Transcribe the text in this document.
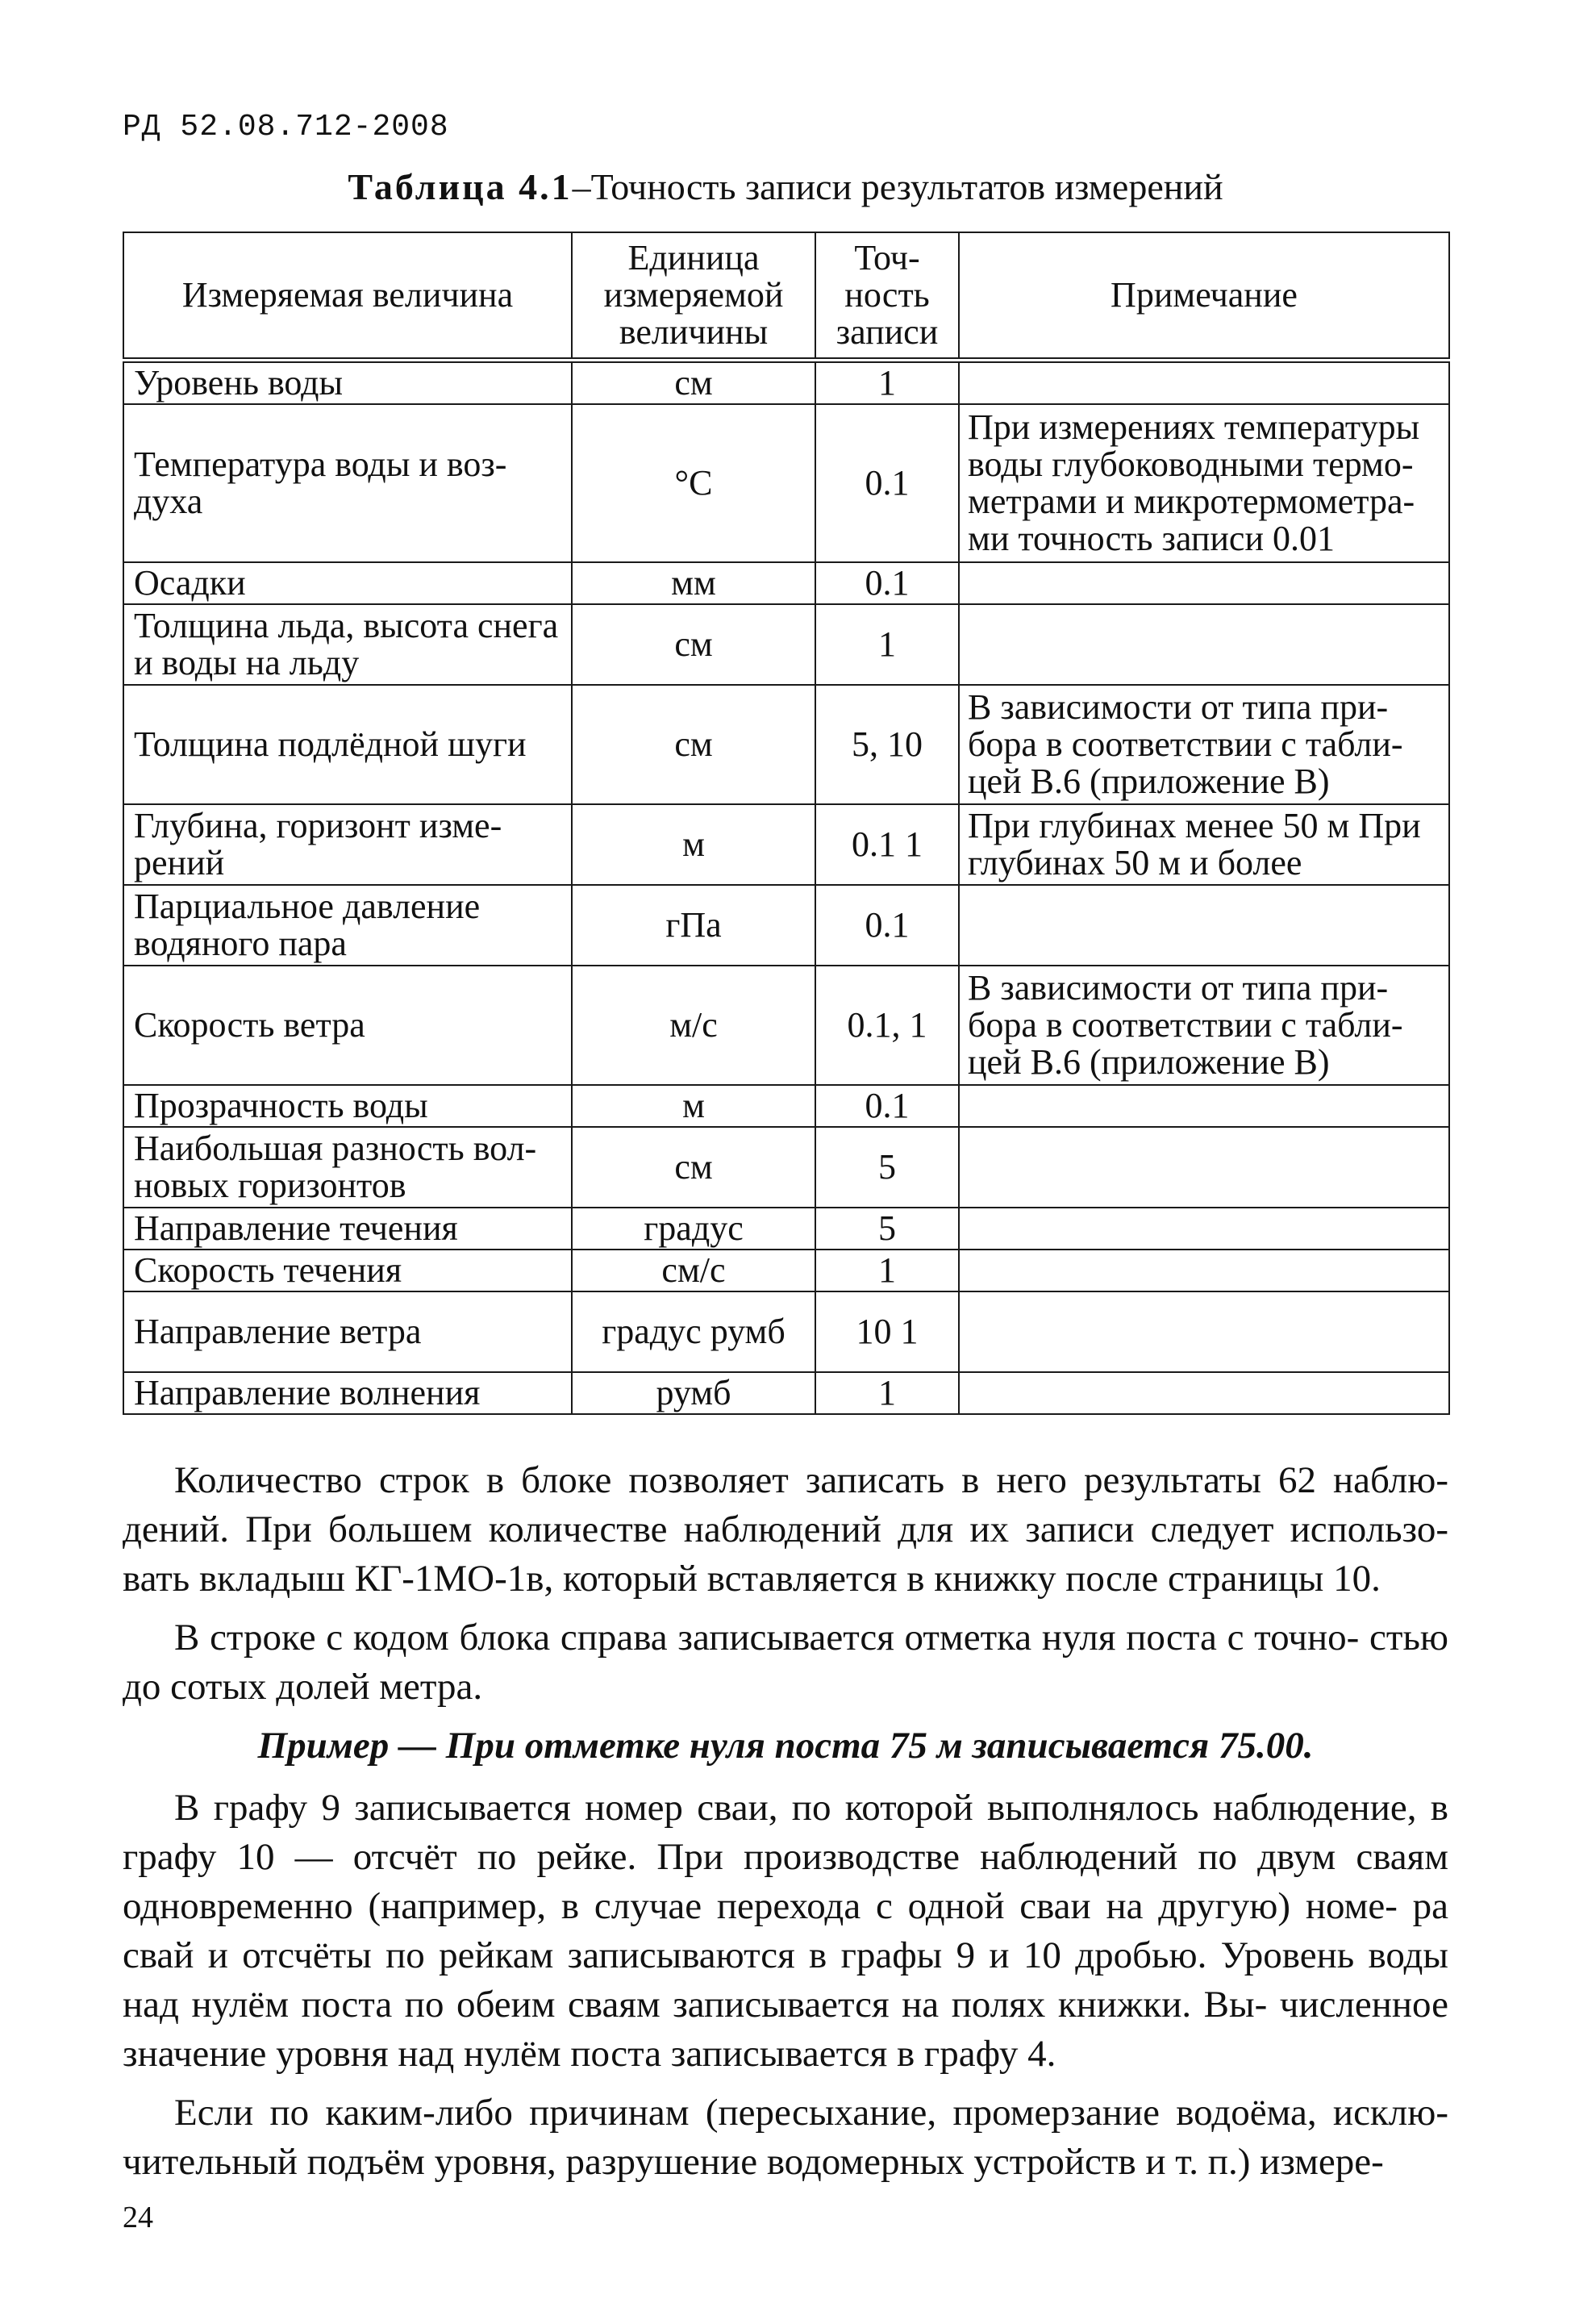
РД 52.08.712-2008
Таблица 4.1–Точность записи результатов измерений
Измеряемая величина	Единица измеряемой величины	Точ- ность записи	Примечание
Уровень воды	см	1	
Температура воды и воз- духа	°С	0.1	При измерениях температуры воды глубоководными термо- метрами и микротермометра- ми точность записи 0.01
Осадки	мм	0.1	
Толщина льда, высота снега и воды на льду	см	1	
Толщина подлёдной шуги	см	5, 10	В зависимости от типа при- бора в соответствии с табли- цей В.6 (приложение В)
Глубина, горизонт изме- рений	м	0.1 1	При глубинах менее 50 м При глубинах 50 м и более
Парциальное давление водяного пара	гПа	0.1	
Скорость ветра	м/с	0.1, 1	В зависимости от типа при- бора в соответствии с табли- цей В.6 (приложение В)
Прозрачность воды	м	0.1	
Наибольшая разность вол- новых горизонтов	см	5	
Направление течения	градус	5	
Скорость течения	см/с	1	
Направление ветра	градус румб	10 1	
Направление волнения	румб	1	

Количество строк в блоке позволяет записать в него результаты 62 наблю- дений. При большем количестве наблюдений для их записи следует использо- вать вкладыш КГ-1МО-1в, который вставляется в книжку после страницы 10.

В строке с кодом блока справа записывается отметка нуля поста с точно- стью до сотых долей метра.

Пример — При отметке нуля поста 75 м записывается 75.00.

В графу 9 записывается номер сваи, по которой выполнялось наблюдение, в графу 10 — отсчёт по рейке. При производстве наблюдений по двум сваям одновременно (например, в случае перехода с одной сваи на другую) номе- ра свай и отсчёты по рейкам записываются в графы 9 и 10 дробью. Уровень воды над нулём поста по обеим сваям записывается на полях книжки. Вы- численное значение уровня над нулём поста записывается в графу 4.

Если по каким-либо причинам (пересыхание, промерзание водоёма, исклю- чительный подъём уровня, разрушение водомерных устройств и т. п.) измере-

24
